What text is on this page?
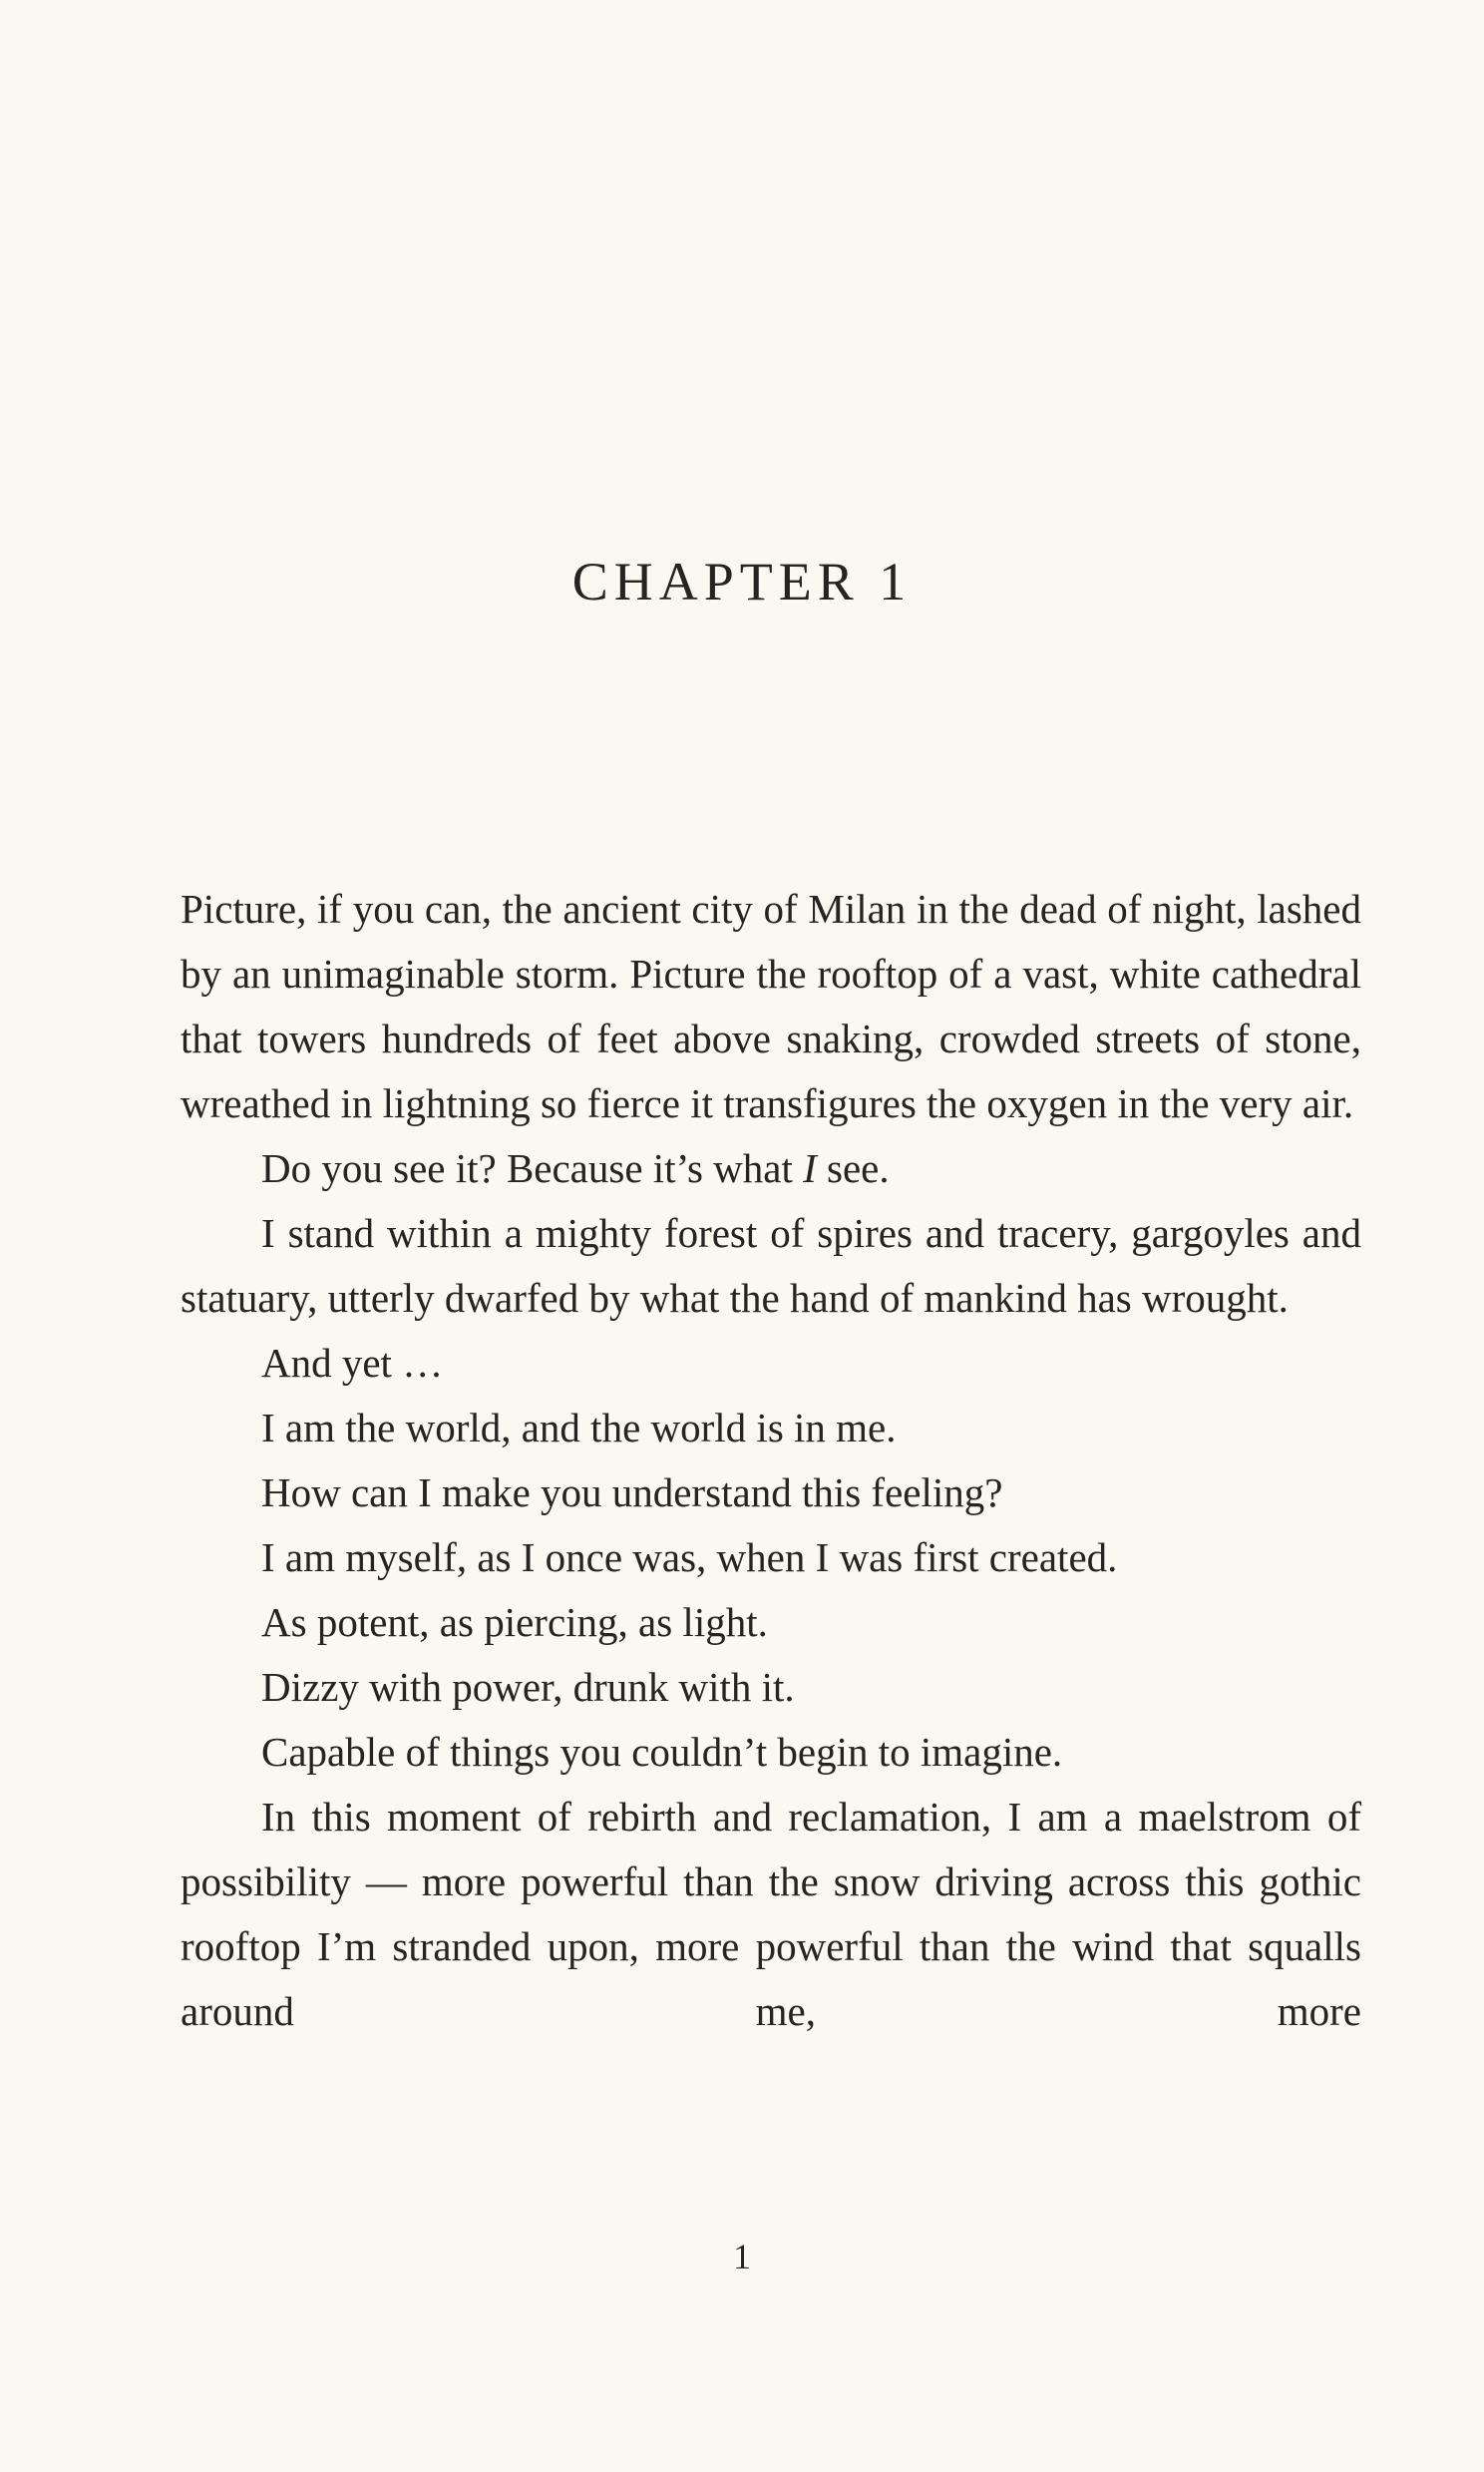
CHAPTER 1

Picture, if you can, the ancient city of Milan in the dead of night, lashed by an unimaginable storm. Picture the rooftop of a vast, white cathedral that towers hundreds of feet above snaking, crowded streets of stone, wreathed in lightning so fierce it transfigures the oxygen in the very air.

Do you see it? Because it’s what I see.

I stand within a mighty forest of spires and tracery, gargoyles and statuary, utterly dwarfed by what the hand of mankind has wrought.

And yet …

I am the world, and the world is in me.

How can I make you understand this feeling?

I am myself, as I once was, when I was first created.

As potent, as piercing, as light.

Dizzy with power, drunk with it.

Capable of things you couldn’t begin to imagine.

In this moment of rebirth and reclamation, I am a maelstrom of possibility — more powerful than the snow driving across this gothic rooftop I’m stranded upon, more powerful than the wind that squalls around me, more

1
